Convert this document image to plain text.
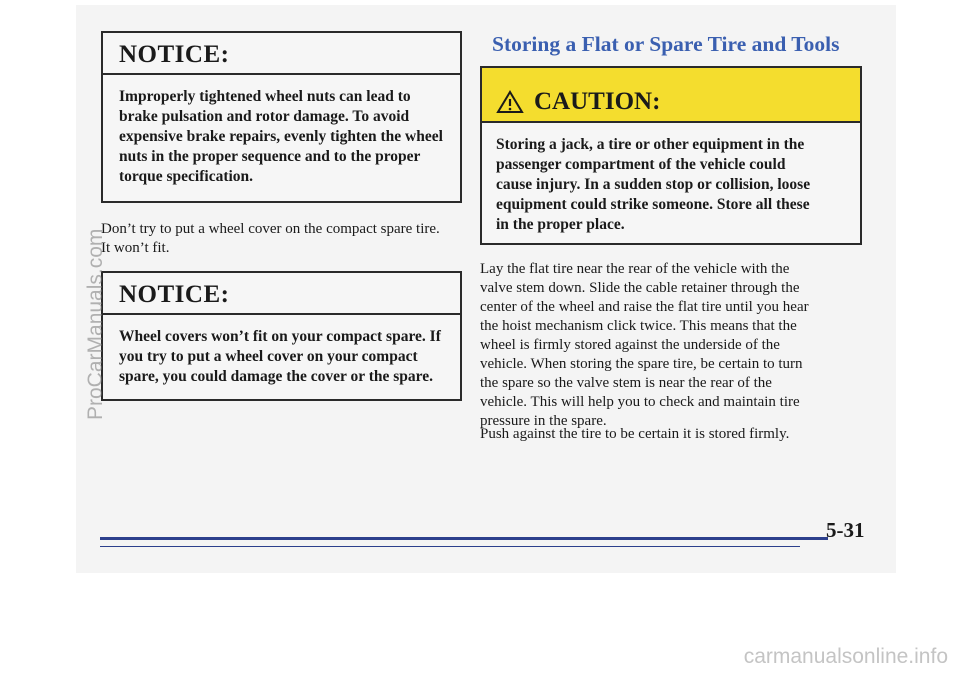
NOTICE:
Improperly tightened wheel nuts can lead to
brake pulsation and rotor damage. To avoid
expensive brake repairs, evenly tighten the wheel
nuts in the proper sequence and to the proper
torque specification.
Don’t try to put a wheel cover on the compact spare tire.
It won’t fit.
NOTICE:
Wheel covers won’t fit on your compact spare. If
you try to put a wheel cover on your compact
spare, you could damage the cover or the spare.
Storing a Flat or Spare Tire and Tools
CAUTION:
Storing a jack, a tire or other equipment in the
passenger compartment of the vehicle could
cause injury. In a sudden stop or collision, loose
equipment could strike someone. Store all these
in the proper place.
Lay the flat tire near the rear of the vehicle with the
valve stem down. Slide the cable retainer through the
center of the wheel and raise the flat tire until you hear
the hoist mechanism click twice. This means that the
wheel is firmly stored against the underside of the
vehicle. When storing the spare tire, be certain to turn
the spare so the valve stem is near the rear of the
vehicle. This will help you to check and maintain tire
pressure in the spare.
Push against the tire to be certain it is stored firmly.
5-31
ProCarManuals.com
carmanualsonline.info
